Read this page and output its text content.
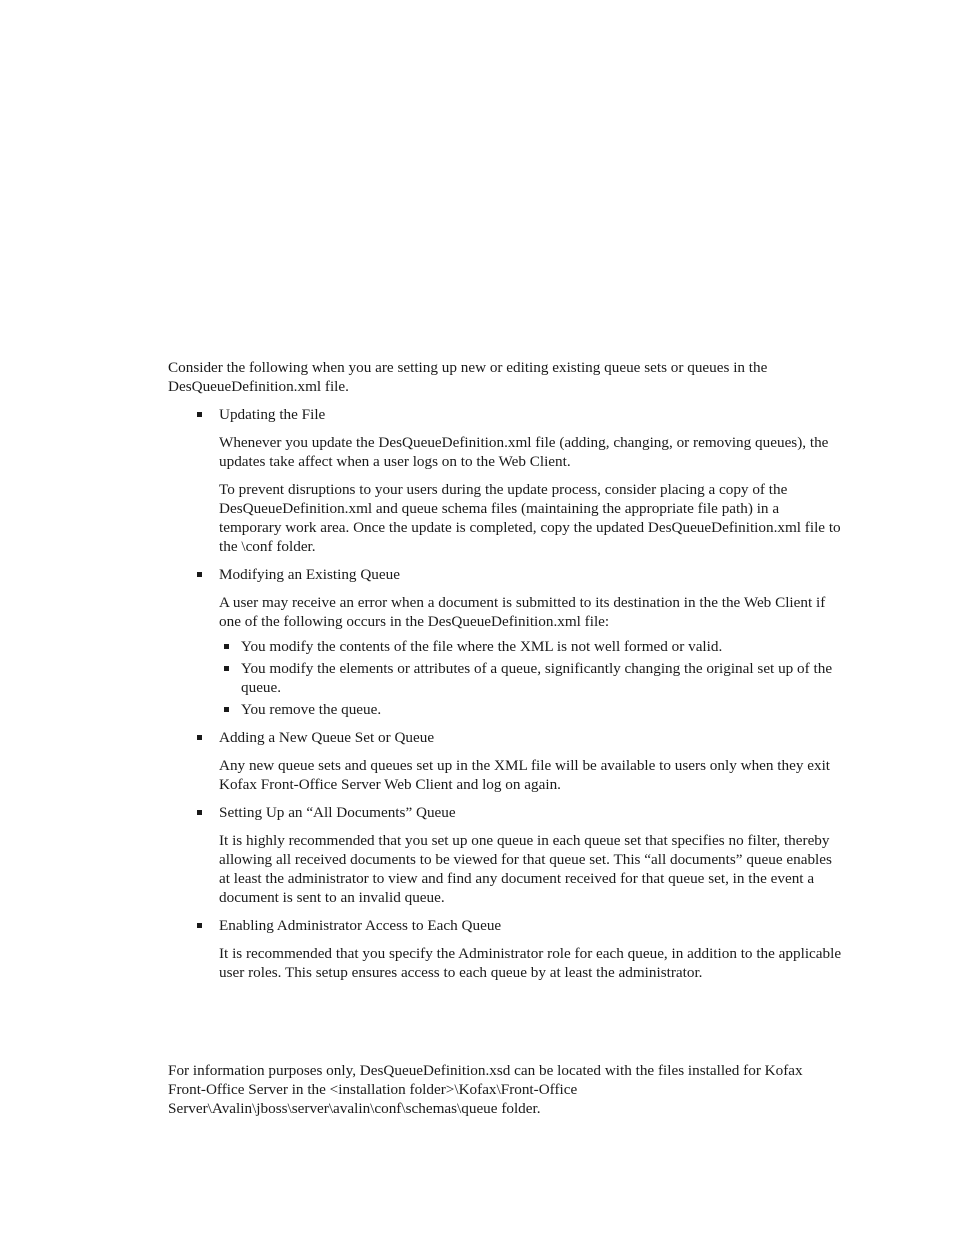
Consider the following when you are setting up new or editing existing queue sets or queues in the DesQueueDefinition.xml file.

Updating the File

Whenever you update the DesQueueDefinition.xml file (adding, changing, or removing queues), the updates take affect when a user logs on to the Web Client.

To prevent disruptions to your users during the update process, consider placing a copy of the DesQueueDefinition.xml and queue schema files (maintaining the appropriate file path) in a temporary work area. Once the update is completed, copy the updated DesQueueDefinition.xml file to the \conf folder.

Modifying an Existing Queue

A user may receive an error when a document is submitted to its destination in the the Web Client if one of the following occurs in the DesQueueDefinition.xml file:

You modify the contents of the file where the XML is not well formed or valid.
You modify the elements or attributes of a queue, significantly changing the original set up of the queue.
You remove the queue.
Adding a New Queue Set or Queue

Any new queue sets and queues set up in the XML file will be available to users only when they exit Kofax Front-Office Server Web Client and log on again.

Setting Up an “All Documents” Queue

It is highly recommended that you set up one queue in each queue set that specifies no filter, thereby allowing all received documents to be viewed for that queue set. This “all documents” queue enables at least the administrator to view and find any document received for that queue set, in the event a document is sent to an invalid queue.

Enabling Administrator Access to Each Queue

It is recommended that you specify the Administrator role for each queue, in addition to the applicable user roles. This setup ensures access to each queue by at least the administrator.

For information purposes only, DesQueueDefinition.xsd can be located with the files installed for Kofax Front-Office Server in the <installation folder>\Kofax\Front-Office Server\Avalin\jboss\server\avalin\conf\schemas\queue folder.
